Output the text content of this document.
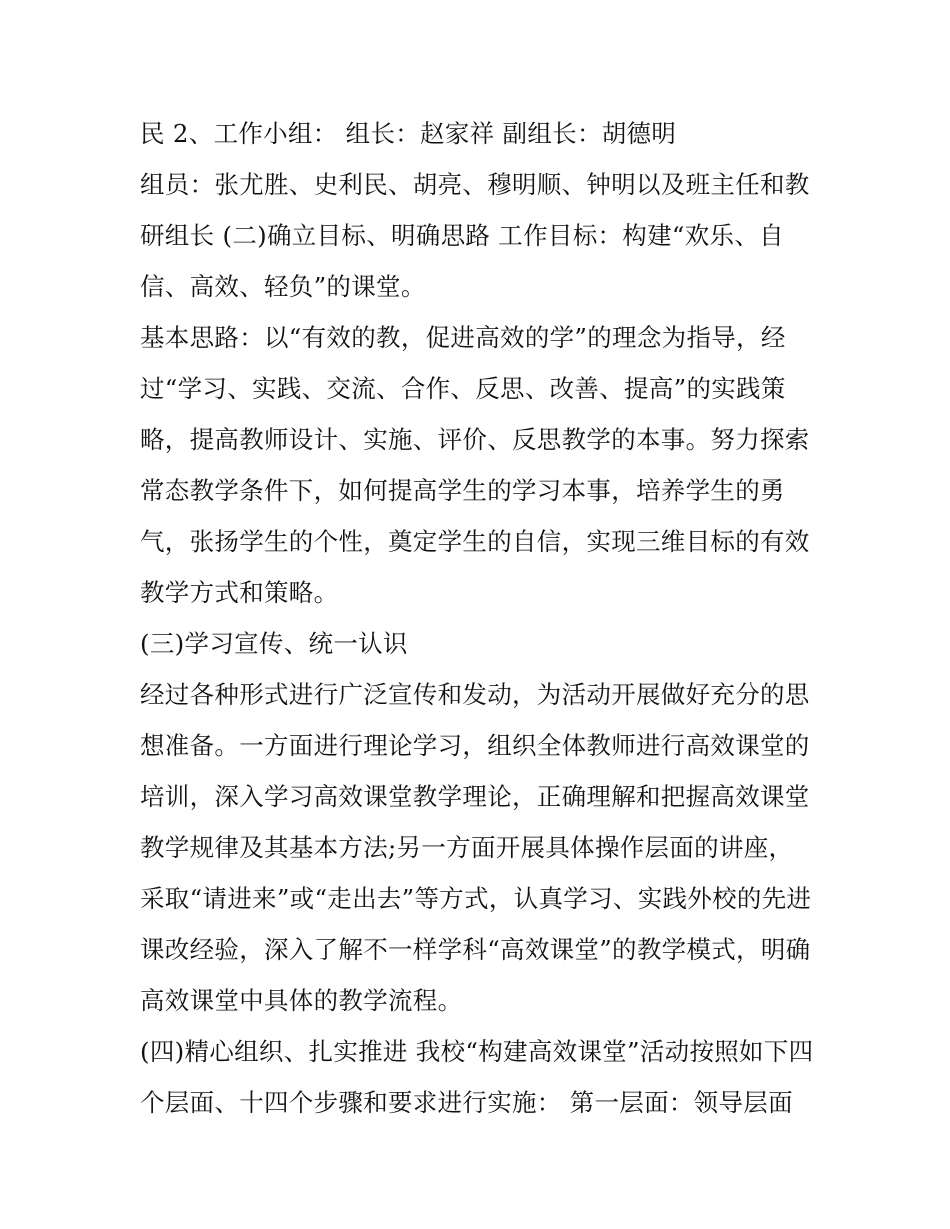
民 2、工作小组： 组长：赵家祥 副组长：胡德明
组员：张尤胜、史利民、胡亮、穆明顺、钟明以及班主任和教
研组长 (二)确立目标、明确思路 工作目标：构建“欢乐、自
信、高效、轻负”的课堂。
基本思路：以“有效的教，促进高效的学”的理念为指导，经
过“学习、实践、交流、合作、反思、改善、提高”的实践策
略，提高教师设计、实施、评价、反思教学的本事。努力探索
常态教学条件下，如何提高学生的学习本事，培养学生的勇
气，张扬学生的个性，奠定学生的自信，实现三维目标的有效
教学方式和策略。
(三)学习宣传、统一认识
经过各种形式进行广泛宣传和发动，为活动开展做好充分的思
想准备。一方面进行理论学习，组织全体教师进行高效课堂的
培训，深入学习高效课堂教学理论，正确理解和把握高效课堂
教学规律及其基本方法;另一方面开展具体操作层面的讲座，
采取“请进来”或“走出去”等方式，认真学习、实践外校的先进
课改经验，深入了解不一样学科“高效课堂”的教学模式，明确
高效课堂中具体的教学流程。
(四)精心组织、扎实推进 我校“构建高效课堂”活动按照如下四
个层面、十四个步骤和要求进行实施： 第一层面：领导层面
